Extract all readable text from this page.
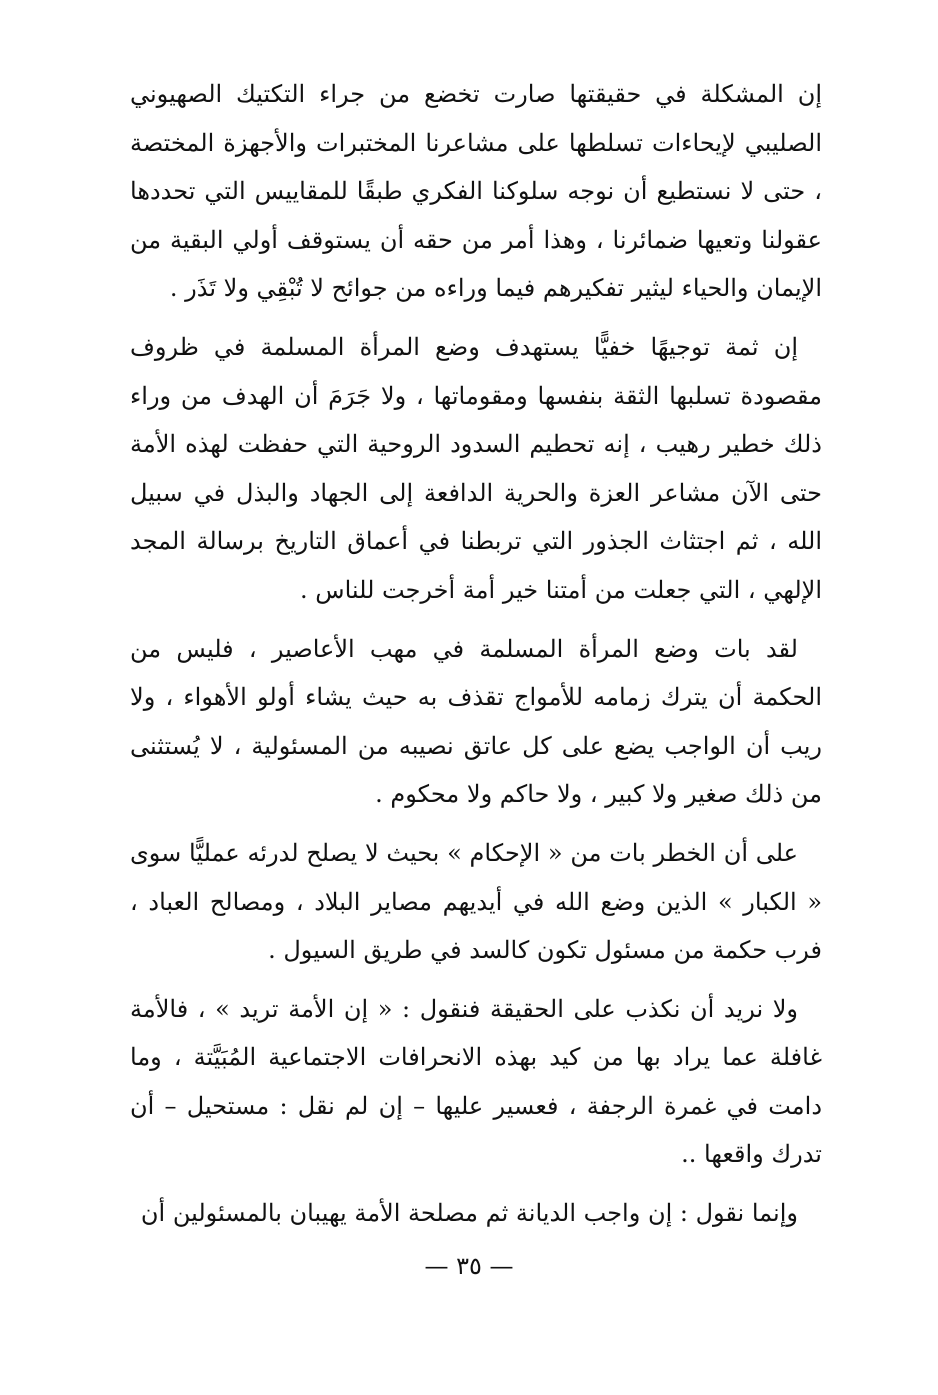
إن المشكلة في حقيقتها صارت تخضع من جراء التكتيك الصهيوني الصليبي لإيحاءات تسلطها على مشاعرنا المختبرات والأجهزة المختصة ، حتى لا نستطيع أن نوجه سلوكنا الفكري طبقًا للمقاييس التي تحددها عقولنا وتعيها ضمائرنا ، وهذا أمر من حقه أن يستوقف أولي البقية من الإيمان والحياء ليثير تفكيرهم فيما وراءه من جوائح لا تُبْقِي ولا تَذَر .

إن ثمة توجيهًا خفيًّا يستهدف وضع المرأة المسلمة في ظروف مقصودة تسلبها الثقة بنفسها ومقوماتها ، ولا جَرَمَ أن الهدف من وراء ذلك خطير رهيب ، إنه تحطيم السدود الروحية التي حفظت لهذه الأمة حتى الآن مشاعر العزة والحرية الدافعة إلى الجهاد والبذل في سبيل الله ، ثم اجتثاث الجذور التي تربطنا في أعماق التاريخ برسالة المجد الإلهي ، التي جعلت من أمتنا خير أمة أخرجت للناس .

لقد بات وضع المرأة المسلمة في مهب الأعاصير ، فليس من الحكمة أن يترك زمامه للأمواج تقذف به حيث يشاء أولو الأهواء ، ولا ريب أن الواجب يضع على كل عاتق نصيبه من المسئولية ، لا يُستثنى من ذلك صغير ولا كبير ، ولا حاكم ولا محكوم .

على أن الخطر بات من « الإحكام » بحيث لا يصلح لدرئه عمليًّا سوى « الكبار » الذين وضع الله في أيديهم مصاير البلاد ، ومصالح العباد ، فرب حكمة من مسئول تكون كالسد في طريق السيول .

ولا نريد أن نكذب على الحقيقة فنقول : « إن الأمة تريد » ، فالأمة غافلة عما يراد بها من كيد بهذه الانحرافات الاجتماعية المُبَيَّتة ، وما دامت في غمرة الرجفة ، فعسير عليها – إن لم نقل : مستحيل – أن تدرك واقعها ..

وإنما نقول : إن واجب الديانة ثم مصلحة الأمة يهيبان بالمسئولين أن

— ٣٥ —
